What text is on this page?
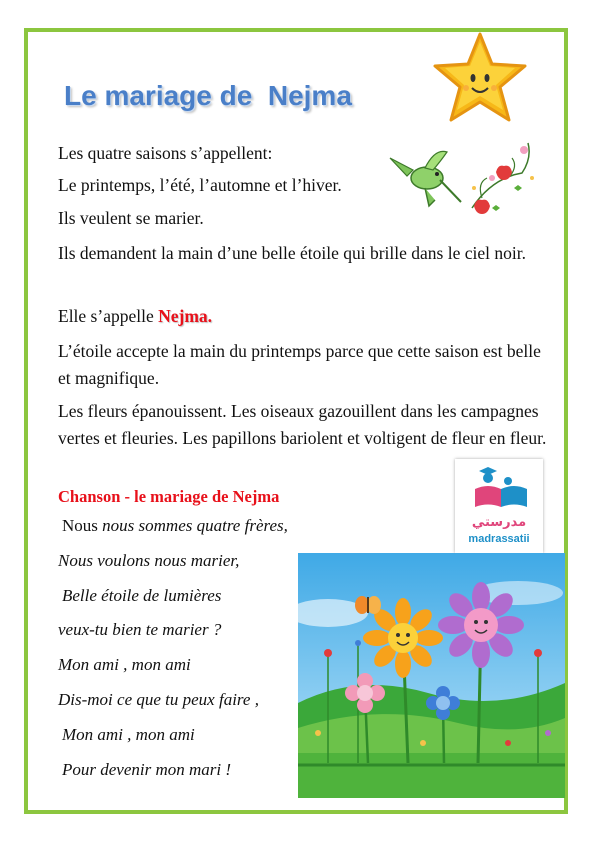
Le mariage de  Nejma
Les quatre saisons s’appellent:
Le printemps, l’été, l’automne et l’hiver.
Ils veulent se marier.
Ils demandent la main d’une belle étoile qui brille dans le ciel noir.
Elle s’appelle Nejma.
L’étoile accepte la main du printemps parce que cette saison est belle et magnifique.
Les fleurs épanouissent. Les oiseaux gazouillent dans les campagnes vertes et fleuries. Les papillons bariolent et voltigent de fleur en fleur.
Chanson - le mariage de Nejma
Nous nous sommes quatre frères,
Nous voulons nous marier,
Belle étoile de lumières
veux-tu bien te marier ?
Mon ami , mon ami
Dis-moi ce que tu peux faire ,
Mon ami , mon ami
Pour devenir mon mari !
مدرستي
madrassatii
